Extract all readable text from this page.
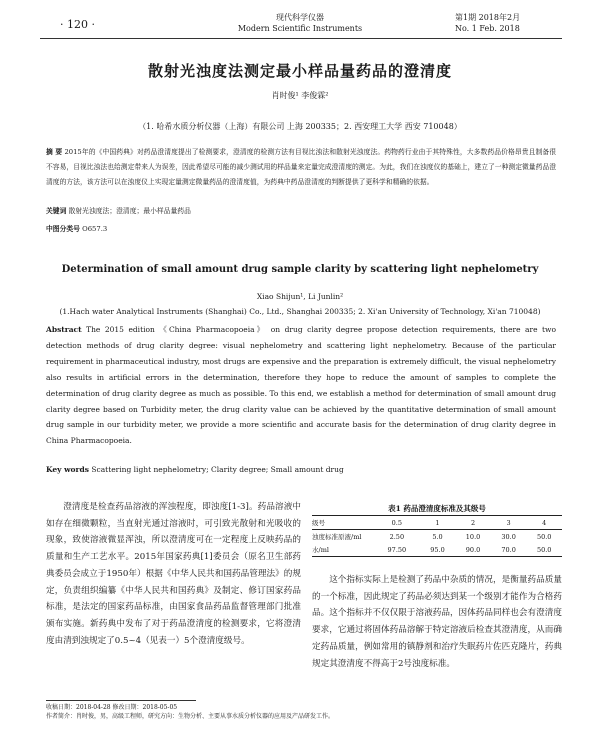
· 120 ·
现代科学仪器
Modern Scientific Instruments
第1期 2018年2月
No. 1 Feb. 2018
散射光浊度法测定最小样品量药品的澄清度
肖时俊¹ 李俊霖²
（1. 哈希水质分析仪器（上海）有限公司 上海 200335；2. 西安理工大学 西安 710048）
摘 要 2015年的《中国药典》对药品澄清度提出了检测要求，澄清度的检测方法有目视比浊法和散射光浊度法。药物药行业由于其特殊性，大多数药品价格昂贵且制备很不容易，目视比浊法也给测定带来人为误差，因此希望尽可能的减少测试用的样品量来定量完成澄清度的测定。为此，我们在浊度仪的基础上，建立了一种测定微量药品澄清度的方法，该方法可以在浊度仪上实现定量测定微量药品的澄清度值，为药典中药品澄清度的判断提供了更科学和精确的依据。
关键词 散射光浊度法；澄清度；最小样品量药品
中图分类号 O657.3
Determination of small amount drug sample clarity by scattering light nephelometry
Xiao Shijun¹, Li Junlin²
(1.Hach water Analytical Instruments (Shanghai) Co., Ltd., Shanghai 200335; 2. Xi'an University of Technology, Xi'an 710048)
Abstract The 2015 edition 《China Pharmacopoeia》 on drug clarity degree propose detection requirements, there are two detection methods of drug clarity degree: visual nephelometry and scattering light nephelometry. Because of the particular requirement in pharmaceutical industry, most drugs are expensive and the preparation is extremely difficult, the visual nephelometry also results in artificial errors in the determination, therefore they hope to reduce the amount of samples to complete the determination of drug clarity degree as much as possible. To this end, we establish a method for determination of small amount drug clarity degree based on Turbidity meter, the drug clarity value can be achieved by the quantitative determination of small amount drug sample in our turbidity meter, we provide a more scientific and accurate basis for the determination of drug clarity degree in China Pharmacopoeia.
Key words Scattering light nephelometry; Clarity degree; Small amount drug
澄清度是检查药品溶液的浑浊程度，即浊度[1-3]。药品溶液中如存在细微颗粒，当直射光通过溶液时，可引致光散射和光吸收的现象，致使溶液微显浑浊，所以澄清度可在一定程度上反映药品的质量和生产工艺水平。2015年国家药典[1]委员会（原名卫生部药典委员会成立于1950年）根据《中华人民共和国药品管理法》的规定，负责组织编纂《中华人民共和国药典》及制定、修订国家药品标准，是法定的国家药品标准，由国家食品药品监督管理部门批准颁布实施。新药典中发布了对于药品澄清度的检测要求，它将澄清度由清到浊规定了0.5~4（见表一）5个澄清度级号。
表1 药品澄清度标准及其级号
级号	0.5	1	2	3	4
浊度标准原液/ml	2.50	5.0	10.0	30.0	50.0
水/ml	97.50	95.0	90.0	70.0	50.0
这个指标实际上是检测了药品中杂质的情况，是衡量药品质量的一个标准，因此规定了药品必须达到某一个级别才能作为合格药品。这个指标并不仅仅限于溶液药品，因体药品同样也会有澄清度要求，它通过将固体药品溶解于特定溶液后检查其澄清度，从而确定药品质量，例如常用的镇静剂和治疗失眠药片佐匹克隆片，药典规定其澄清度不得高于2号浊度标准。
收稿日期：2018-04-28 修改日期：2018-05-05
作者简介：肖时俊，男，高级工程师，研究方向：生物分析、主要从事水质分析仪器的应用及产品研发工作。
